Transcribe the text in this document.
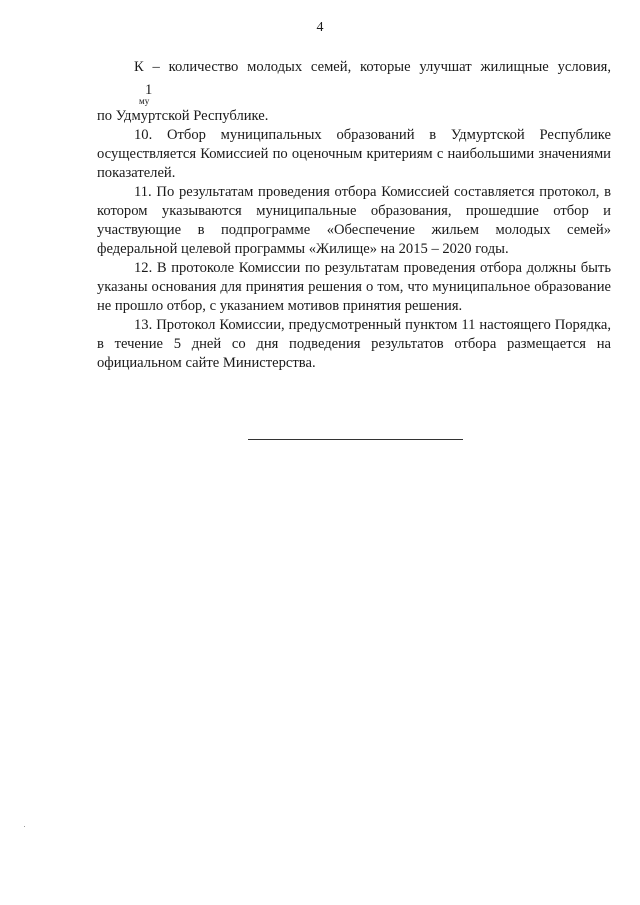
4
К – количество молодых семей, которые улучшат жилищные условия,
1
му
по Удмуртской Республике.

10. Отбор муниципальных образований в Удмуртской Республике осуществляется Комиссией по оценочным критериям с наибольшими значениями показателей.

11. По результатам проведения отбора Комиссией составляется протокол, в котором указываются муниципальные образования, прошедшие отбор и участвующие в подпрограмме «Обеспечение жильем молодых семей» федеральной целевой программы «Жилище» на 2015 – 2020 годы.

12. В протоколе Комиссии по результатам проведения отбора должны быть указаны основания для принятия решения о том, что муниципальное образование не прошло отбор, с указанием мотивов принятия решения.

13. Протокол Комиссии, предусмотренный пунктом 11 настоящего Порядка, в течение 5 дней со дня подведения результатов отбора размещается на официальном сайте Министерства.
